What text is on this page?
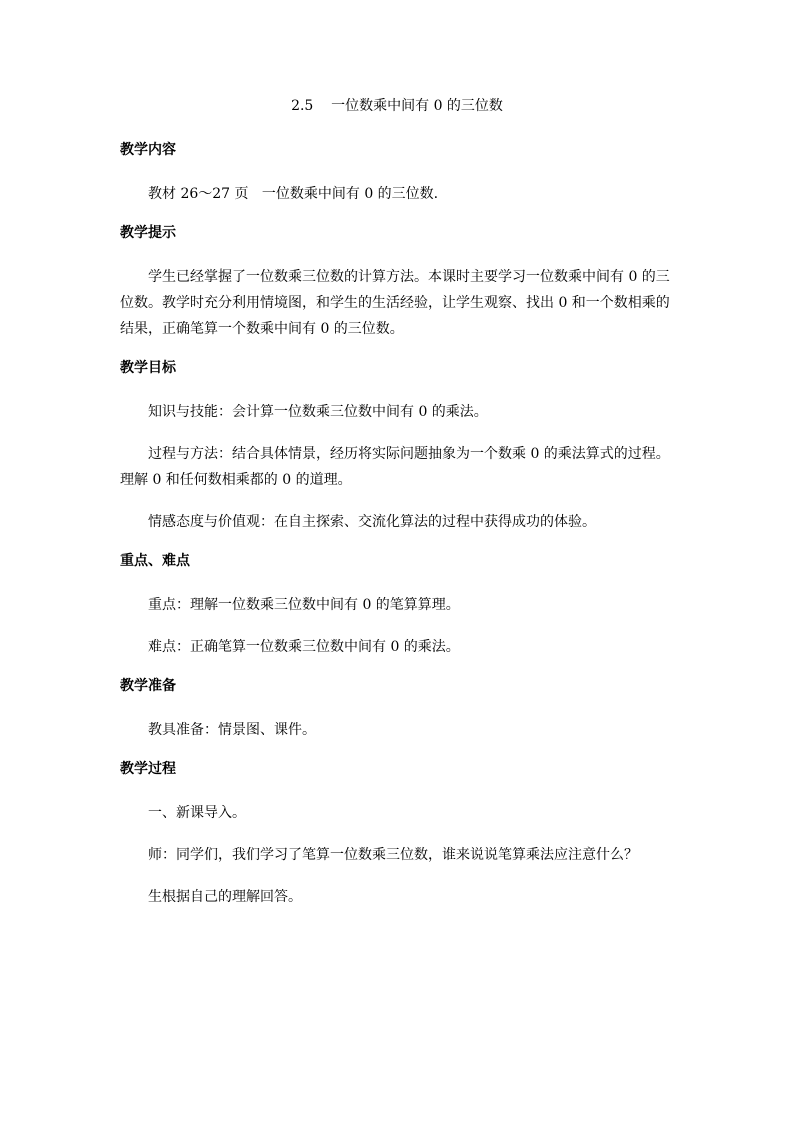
2.5    一位数乘中间有 0 的三位数
教学内容

教材 26～27 页   一位数乘中间有 0 的三位数.

教学提示

学生已经掌握了一位数乘三位数的计算方法。本课时主要学习一位数乘中间有 0 的三位数。教学时充分利用情境图，和学生的生活经验，让学生观察、找出 0 和一个数相乘的结果，正确笔算一个数乘中间有 0 的三位数。

教学目标

知识与技能：会计算一位数乘三位数中间有 0 的乘法。

过程与方法：结合具体情景，经历将实际问题抽象为一个数乘 0 的乘法算式的过程。理解 0 和任何数相乘都的 0 的道理。

情感态度与价值观：在自主探索、交流化算法的过程中获得成功的体验。

重点、难点

重点：理解一位数乘三位数中间有 0 的笔算算理。

难点：正确笔算一位数乘三位数中间有 0 的乘法。

教学准备

教具准备：情景图、课件。

教学过程

一、新课导入。

师：同学们，我们学习了笔算一位数乘三位数，谁来说说笔算乘法应注意什么？

生根据自己的理解回答。
